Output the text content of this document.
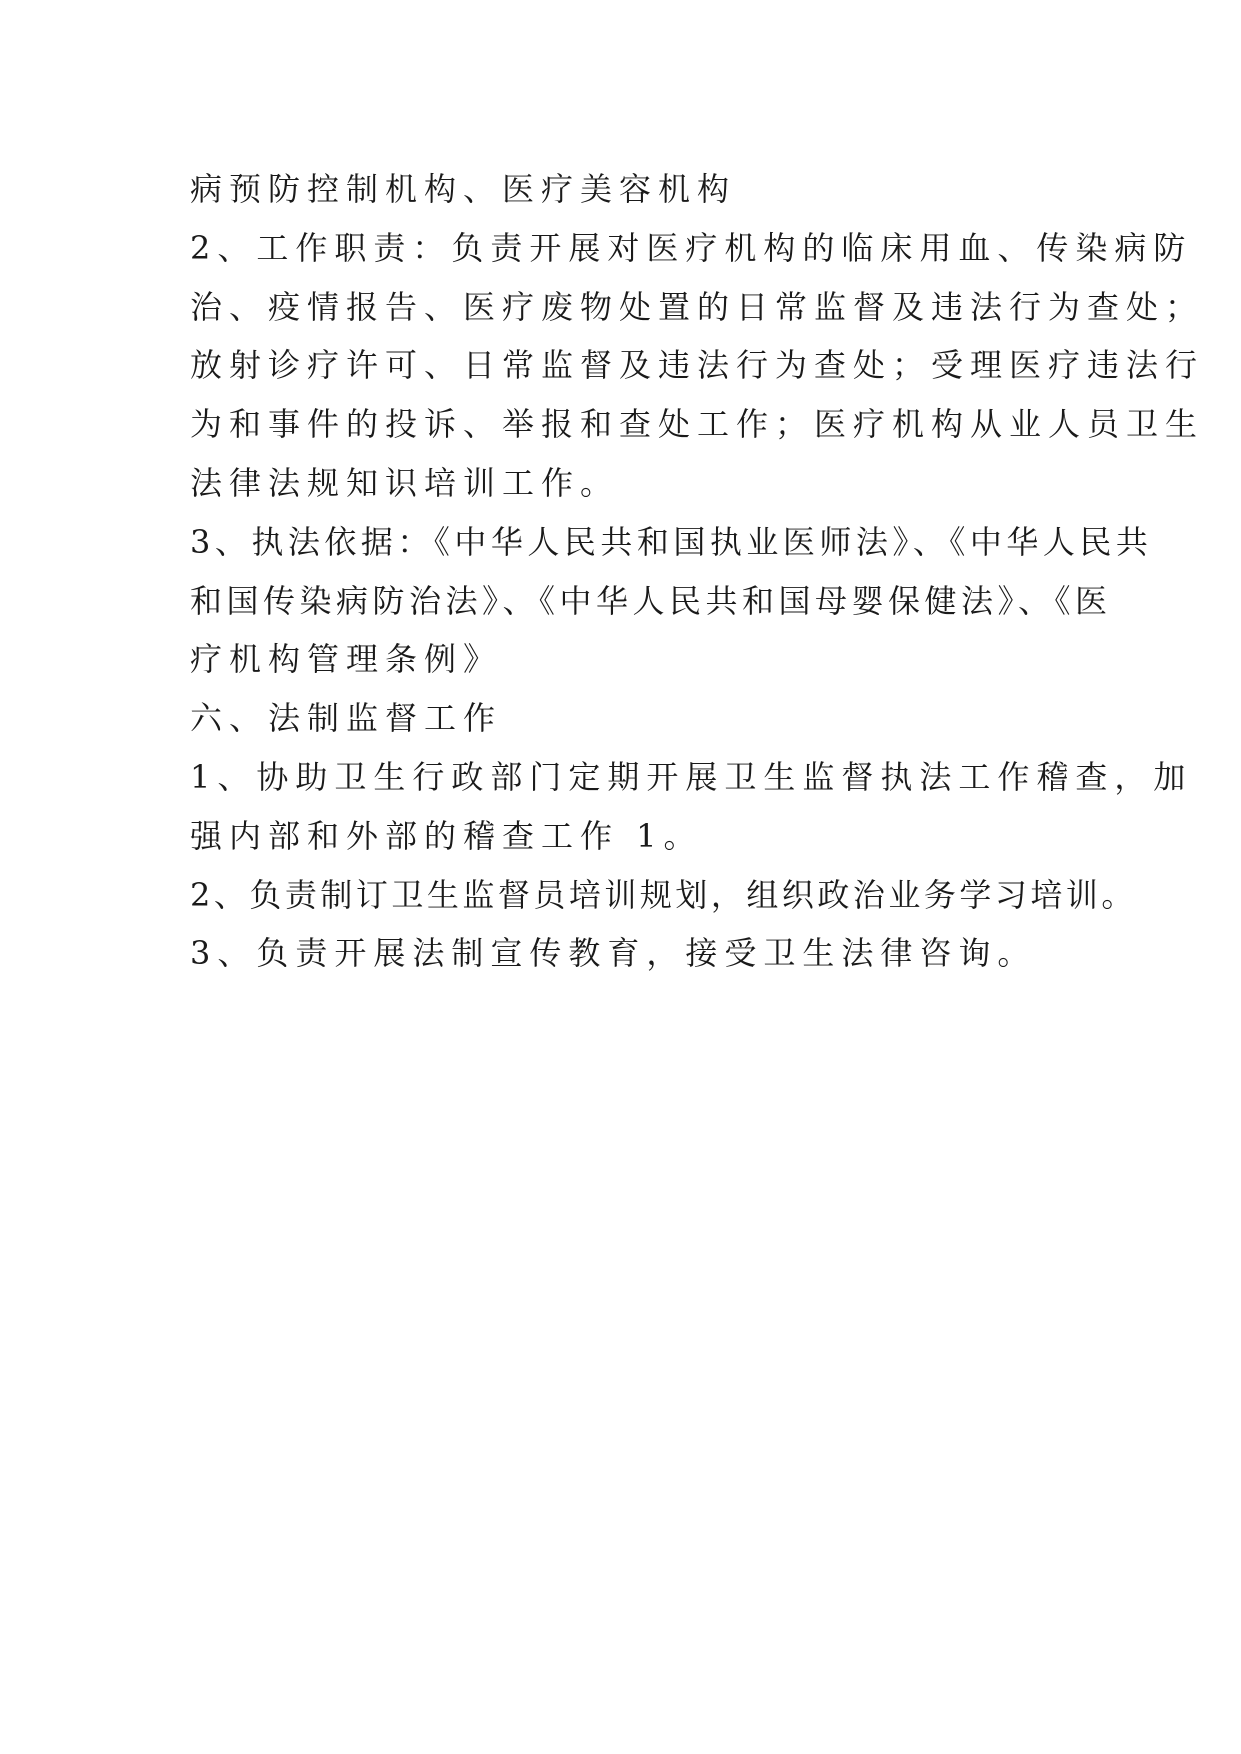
病预防控制机构、医疗美容机构
2、工作职责：负责开展对医疗机构的临床用血、传染病防
治、疫情报告、医疗废物处置的日常监督及违法行为查处；
放射诊疗许可、日常监督及违法行为查处；受理医疗违法行
为和事件的投诉、举报和查处工作；医疗机构从业人员卫生
法律法规知识培训工作。
3、执法依据：《中华人民共和国执业医师法》、《中华人民共
和国传染病防治法》、《中华人民共和国母婴保健法》、《医
疗机构管理条例》
六、法制监督工作
1、协助卫生行政部门定期开展卫生监督执法工作稽查，加
强内部和外部的稽查工作 1。
2、负责制订卫生监督员培训规划，组织政治业务学习培训。
3、负责开展法制宣传教育，接受卫生法律咨询。
